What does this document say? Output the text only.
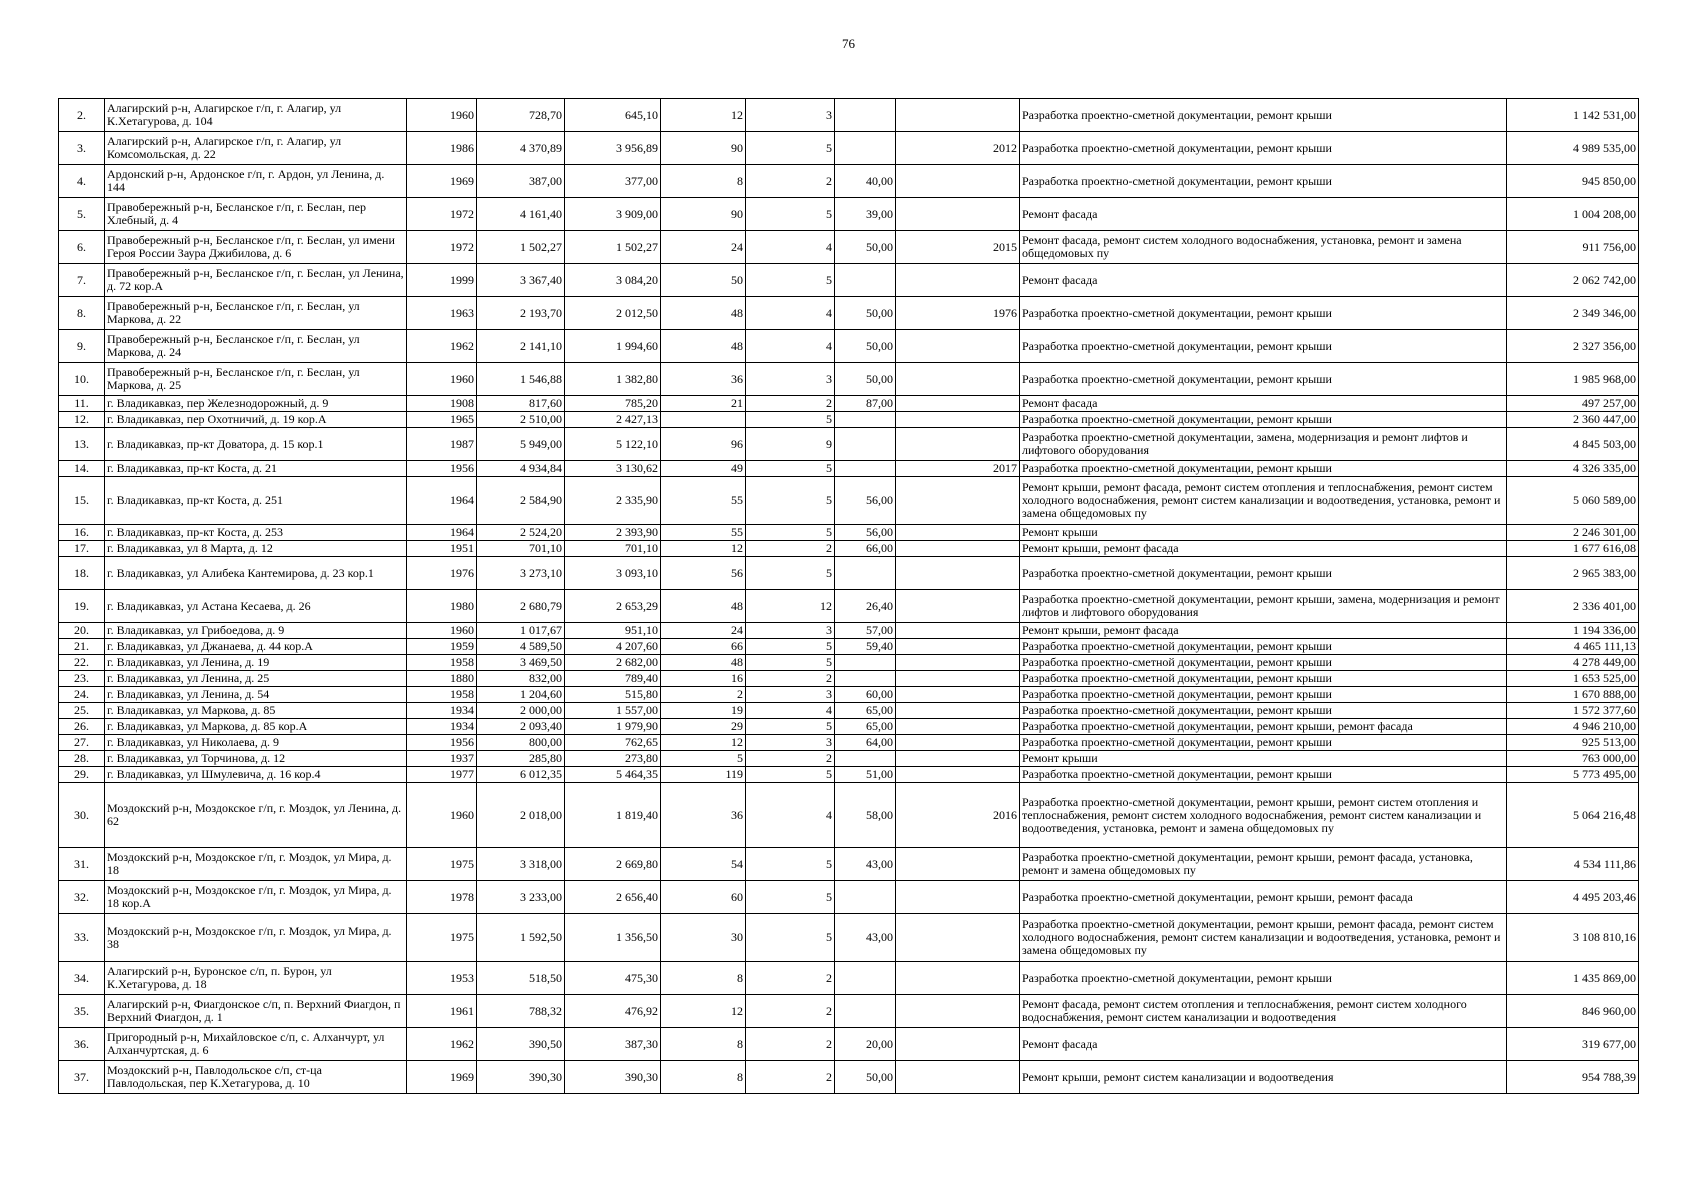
76
2.	Алагирский р-н, Алагирское г/п, г. Алагир, ул К.Хетагурова, д. 104	1960	728,70	645,10	12	3			Разработка проектно-сметной документации, ремонт крыши	1 142 531,00
3.	Алагирский р-н, Алагирское г/п, г. Алагир, ул Комсомольская, д. 22	1986	4 370,89	3 956,89	90	5		2012	Разработка проектно-сметной документации, ремонт крыши	4 989 535,00
4.	Ардонский р-н, Ардонское г/п, г. Ардон, ул Ленина, д. 144	1969	387,00	377,00	8	2	40,00		Разработка проектно-сметной документации, ремонт крыши	945 850,00
5.	Правобережный р-н, Бесланское г/п, г. Беслан, пер Хлебный, д. 4	1972	4 161,40	3 909,00	90	5	39,00		Ремонт фасада	1 004 208,00
6.	Правобережный р-н, Бесланское г/п, г. Беслан, ул имени Героя России Заура Джибилова, д. 6	1972	1 502,27	1 502,27	24	4	50,00	2015	Ремонт фасада, ремонт систем холодного водоснабжения, установка, ремонт и замена общедомовых пу	911 756,00
7.	Правобережный р-н, Бесланское г/п, г. Беслан, ул Ленина, д. 72 кор.А	1999	3 367,40	3 084,20	50	5			Ремонт фасада	2 062 742,00
8.	Правобережный р-н, Бесланское г/п, г. Беслан, ул Маркова, д. 22	1963	2 193,70	2 012,50	48	4	50,00	1976	Разработка проектно-сметной документации, ремонт крыши	2 349 346,00
9.	Правобережный р-н, Бесланское г/п, г. Беслан, ул Маркова, д. 24	1962	2 141,10	1 994,60	48	4	50,00		Разработка проектно-сметной документации, ремонт крыши	2 327 356,00
10.	Правобережный р-н, Бесланское г/п, г. Беслан, ул Маркова, д. 25	1960	1 546,88	1 382,80	36	3	50,00		Разработка проектно-сметной документации, ремонт крыши	1 985 968,00
11.	г. Владикавказ, пер Железнодорожный, д. 9	1908	817,60	785,20	21	2	87,00		Ремонт фасада	497 257,00
12.	г. Владикавказ, пер Охотничий, д. 19 кор.А	1965	2 510,00	2 427,13		5			Разработка проектно-сметной документации, ремонт крыши	2 360 447,00
13.	г. Владикавказ, пр-кт Доватора, д. 15 кор.1	1987	5 949,00	5 122,10	96	9			Разработка проектно-сметной документации, замена, модернизация и ремонт лифтов и лифтового оборудования	4 845 503,00
14.	г. Владикавказ, пр-кт Коста, д. 21	1956	4 934,84	3 130,62	49	5		2017	Разработка проектно-сметной документации, ремонт крыши	4 326 335,00
15.	г. Владикавказ, пр-кт Коста, д. 251	1964	2 584,90	2 335,90	55	5	56,00		Ремонт крыши, ремонт фасада, ремонт систем отопления и теплоснабжения, ремонт систем холодного водоснабжения, ремонт систем канализации и водоотведения, установка, ремонт и замена общедомовых пу	5 060 589,00
16.	г. Владикавказ, пр-кт Коста, д. 253	1964	2 524,20	2 393,90	55	5	56,00		Ремонт крыши	2 246 301,00
17.	г. Владикавказ, ул 8 Марта, д. 12	1951	701,10	701,10	12	2	66,00		Ремонт крыши, ремонт фасада	1 677 616,08
18.	г. Владикавказ, ул Алибека Кантемирова, д. 23 кор.1	1976	3 273,10	3 093,10	56	5			Разработка проектно-сметной документации, ремонт крыши	2 965 383,00
19.	г. Владикавказ, ул Астана Кесаева, д. 26	1980	2 680,79	2 653,29	48	12	26,40		Разработка проектно-сметной документации, ремонт крыши, замена, модернизация и ремонт лифтов и лифтового оборудования	2 336 401,00
20.	г. Владикавказ, ул Грибоедова, д. 9	1960	1 017,67	951,10	24	3	57,00		Ремонт крыши, ремонт фасада	1 194 336,00
21.	г. Владикавказ, ул Джанаева, д. 44 кор.А	1959	4 589,50	4 207,60	66	5	59,40		Разработка проектно-сметной документации, ремонт крыши	4 465 111,13
22.	г. Владикавказ, ул Ленина, д. 19	1958	3 469,50	2 682,00	48	5			Разработка проектно-сметной документации, ремонт крыши	4 278 449,00
23.	г. Владикавказ, ул Ленина, д. 25	1880	832,00	789,40	16	2			Разработка проектно-сметной документации, ремонт крыши	1 653 525,00
24.	г. Владикавказ, ул Ленина, д. 54	1958	1 204,60	515,80	2	3	60,00		Разработка проектно-сметной документации, ремонт крыши	1 670 888,00
25.	г. Владикавказ, ул Маркова, д. 85	1934	2 000,00	1 557,00	19	4	65,00		Разработка проектно-сметной документации, ремонт крыши	1 572 377,60
26.	г. Владикавказ, ул Маркова, д. 85 кор.А	1934	2 093,40	1 979,90	29	5	65,00		Разработка проектно-сметной документации, ремонт крыши, ремонт фасада	4 946 210,00
27.	г. Владикавказ, ул Николаева, д. 9	1956	800,00	762,65	12	3	64,00		Разработка проектно-сметной документации, ремонт крыши	925 513,00
28.	г. Владикавказ, ул Торчинова, д. 12	1937	285,80	273,80	5	2			Ремонт крыши	763 000,00
29.	г. Владикавказ, ул Шмулевича, д. 16 кор.4	1977	6 012,35	5 464,35	119	5	51,00		Разработка проектно-сметной документации, ремонт крыши	5 773 495,00
30.	Моздокский р-н, Моздокское г/п, г. Моздок, ул Ленина, д. 62	1960	2 018,00	1 819,40	36	4	58,00	2016	Разработка проектно-сметной документации, ремонт крыши, ремонт систем отопления и теплоснабжения, ремонт систем холодного водоснабжения, ремонт систем канализации и водоотведения, установка, ремонт и замена общедомовых пу	5 064 216,48
31.	Моздокский р-н, Моздокское г/п, г. Моздок, ул Мира, д. 18	1975	3 318,00	2 669,80	54	5	43,00		Разработка проектно-сметной документации, ремонт крыши, ремонт фасада, установка, ремонт и замена общедомовых пу	4 534 111,86
32.	Моздокский р-н, Моздокское г/п, г. Моздок, ул Мира, д. 18 кор.А	1978	3 233,00	2 656,40	60	5			Разработка проектно-сметной документации, ремонт крыши, ремонт фасада	4 495 203,46
33.	Моздокский р-н, Моздокское г/п, г. Моздок, ул Мира, д. 38	1975	1 592,50	1 356,50	30	5	43,00		Разработка проектно-сметной документации, ремонт крыши, ремонт фасада, ремонт систем холодного водоснабжения, ремонт систем канализации и водоотведения, установка, ремонт и замена общедомовых пу	3 108 810,16
34.	Алагирский р-н, Буронское с/п, п. Бурон, ул К.Хетагурова, д. 18	1953	518,50	475,30	8	2			Разработка проектно-сметной документации, ремонт крыши	1 435 869,00
35.	Алагирский р-н, Фиагдонское с/п, п. Верхний Фиагдон, п Верхний Фиагдон, д. 1	1961	788,32	476,92	12	2			Ремонт фасада, ремонт систем отопления и теплоснабжения, ремонт систем холодного водоснабжения, ремонт систем канализации и водоотведения	846 960,00
36.	Пригородный р-н, Михайловское с/п, с. Алханчурт, ул Алханчуртская, д. 6	1962	390,50	387,30	8	2	20,00		Ремонт фасада	319 677,00
37.	Моздокский р-н, Павлодольское с/п, ст-ца Павлодольская, пер К.Хетагурова, д. 10	1969	390,30	390,30	8	2	50,00		Ремонт крыши, ремонт систем канализации и водоотведения	954 788,39
